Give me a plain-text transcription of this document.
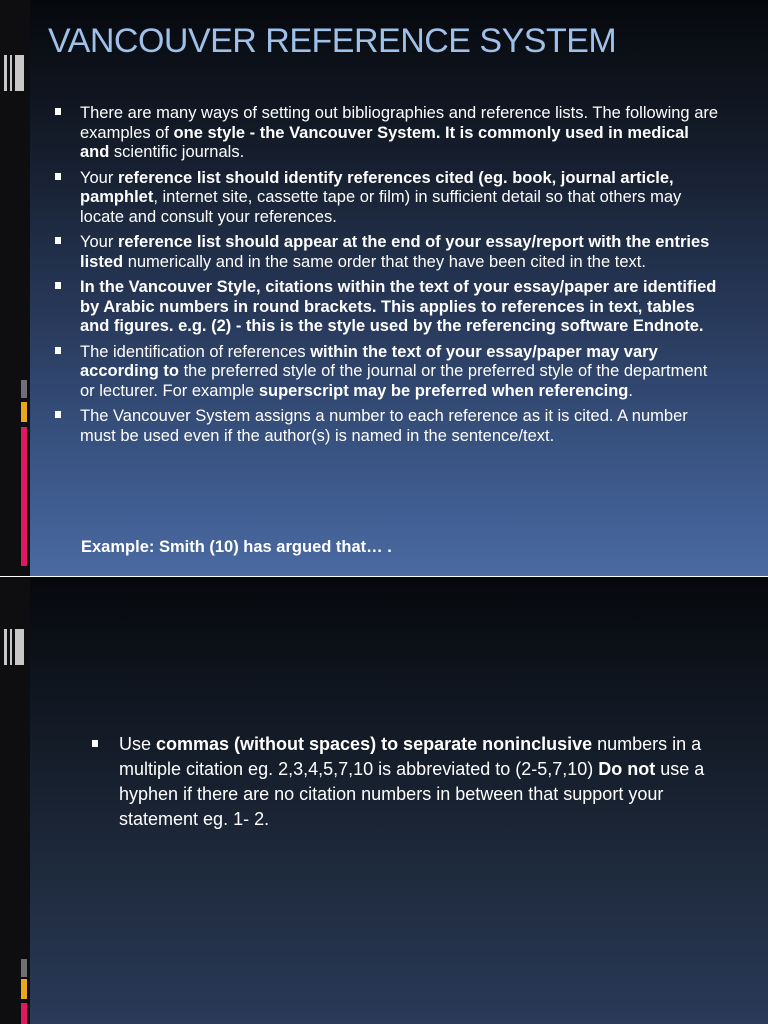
VANCOUVER REFERENCE SYSTEM
There are many ways of setting out bibliographies and reference lists. The following are examples of one style - the Vancouver System. It is commonly used in medical and scientific journals.
Your reference list should identify references cited (eg. book, journal article, pamphlet, internet site, cassette tape or film) in sufficient detail so that others may locate and consult your references.
Your reference list should appear at the end of your essay/report with the entries listed numerically and in the same order that they have been cited in the text.
In the Vancouver Style, citations within the text of your essay/paper are identified by Arabic numbers in round brackets. This applies to references in text, tables and figures. e.g. (2) - this is the style used by the referencing software Endnote.
The identification of references within the text of your essay/paper may vary according to the preferred style of the journal or the preferred style of the department or lecturer. For example superscript may be preferred when referencing.
The Vancouver System assigns a number to each reference as it is cited. A number must be used even if the author(s) is named in the sentence/text.
Example: Smith (10) has argued that… .
Use commas (without spaces) to separate noninclusive numbers in a multiple citation eg. 2,3,4,5,7,10 is abbreviated to (2-5,7,10) Do not use a hyphen if there are no citation numbers in between that support your statement eg. 1- 2.
